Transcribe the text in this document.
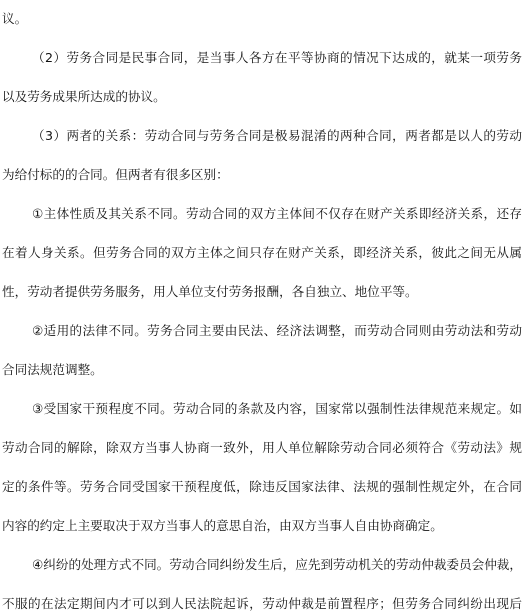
议。
（2）劳务合同是民事合同，是当事人各方在平等协商的情况下达成的，就某一项劳务
以及劳务成果所达成的协议。
（3）两者的关系：劳动合同与劳务合同是极易混淆的两种合同，两者都是以人的劳动
为给付标的的合同。但两者有很多区别：
①主体性质及其关系不同。劳动合同的双方主体间不仅存在财产关系即经济关系，还存
在着人身关系。但劳务合同的双方主体之间只存在财产关系，即经济关系，彼此之间无从属
性，劳动者提供劳务服务，用人单位支付劳务报酬，各自独立、地位平等。
②适用的法律不同。劳务合同主要由民法、经济法调整，而劳动合同则由劳动法和劳动
合同法规范调整。
③受国家干预程度不同。劳动合同的条款及内容，国家常以强制性法律规范来规定。如
劳动合同的解除，除双方当事人协商一致外，用人单位解除劳动合同必须符合《劳动法》规
定的条件等。劳务合同受国家干预程度低，除违反国家法律、法规的强制性规定外，在合同
内容的约定上主要取决于双方当事人的意思自治，由双方当事人自由协商确定。
④纠纷的处理方式不同。劳动合同纠纷发生后，应先到劳动机关的劳动仲裁委员会仲裁，
不服的在法定期间内才可以到人民法院起诉，劳动仲裁是前置程序；但劳务合同纠纷出现后
